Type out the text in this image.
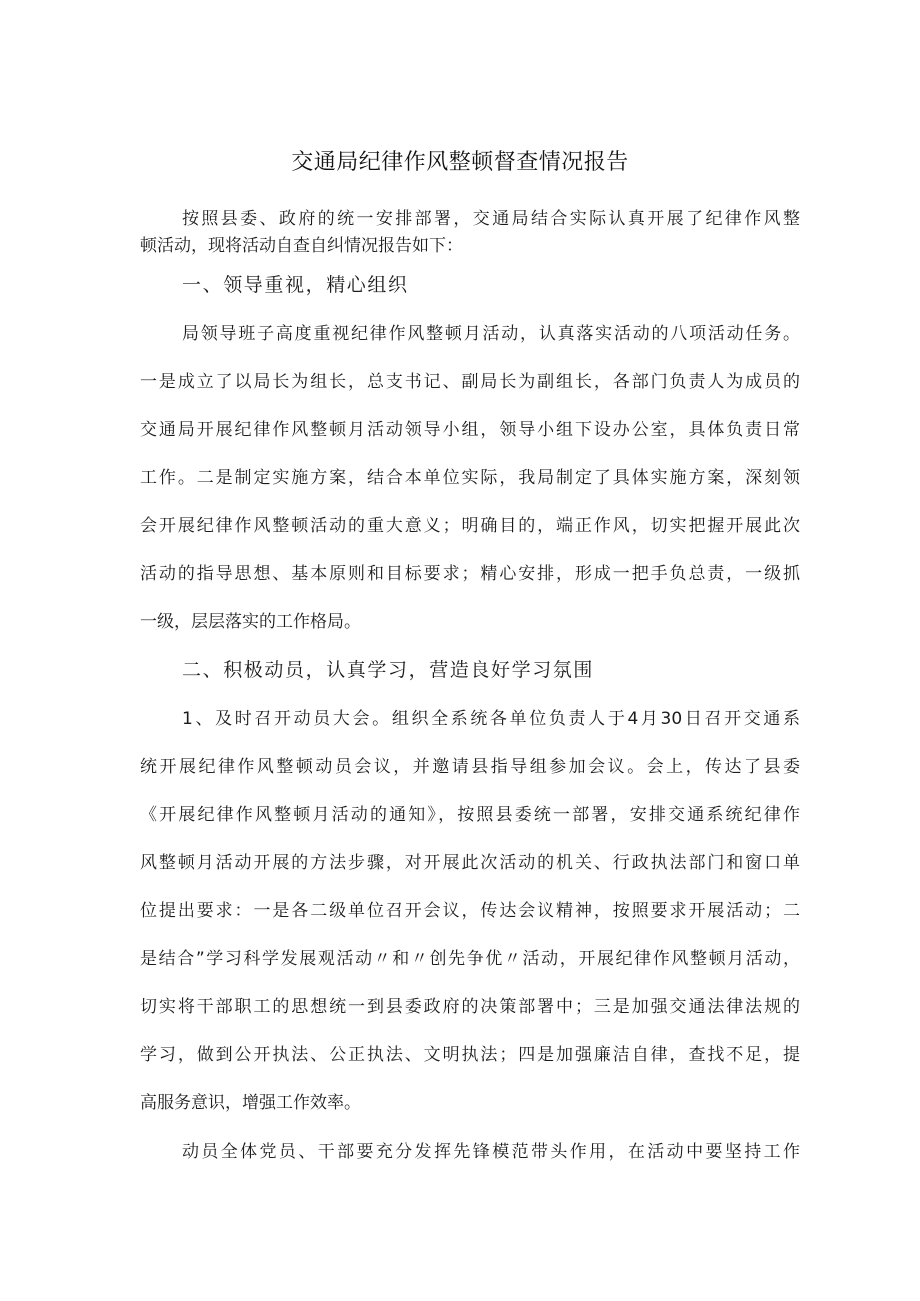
交通局纪律作风整顿督查情况报告
按照县委、政府的统一安排部署，交通局结合实际认真开展了纪律作风整
顿活动，现将活动自查自纠情况报告如下：
一、领导重视，精心组织
局领导班子高度重视纪律作风整顿月活动，认真落实活动的八项活动任务。
一是成立了以局长为组长，总支书记、副局长为副组长，各部门负责人为成员的
交通局开展纪律作风整顿月活动领导小组，领导小组下设办公室，具体负责日常
工作。二是制定实施方案，结合本单位实际，我局制定了具体实施方案，深刻领
会开展纪律作风整顿活动的重大意义；明确目的，端正作风，切实把握开展此次
活动的指导思想、基本原则和目标要求；精心安排，形成一把手负总责，一级抓
一级，层层落实的工作格局。
二、积极动员，认真学习，营造良好学习氛围
1、及时召开动员大会。组织全系统各单位负责人于4月30日召开交通系
统开展纪律作风整顿动员会议，并邀请县指导组参加会议。会上，传达了县委
《开展纪律作风整顿月活动的通知》，按照县委统一部署，安排交通系统纪律作
风整顿月活动开展的方法步骤，对开展此次活动的机关、行政执法部门和窗口单
位提出要求：一是各二级单位召开会议，传达会议精神，按照要求开展活动；二
是结合”学习科学发展观活动〃和〃创先争优〃活动，开展纪律作风整顿月活动，
切实将干部职工的思想统一到县委政府的决策部署中；三是加强交通法律法规的
学习，做到公开执法、公正执法、文明执法；四是加强廉洁自律，查找不足，提
高服务意识，增强工作效率。
动员全体党员、干部要充分发挥先锋模范带头作用，在活动中要坚持工作
